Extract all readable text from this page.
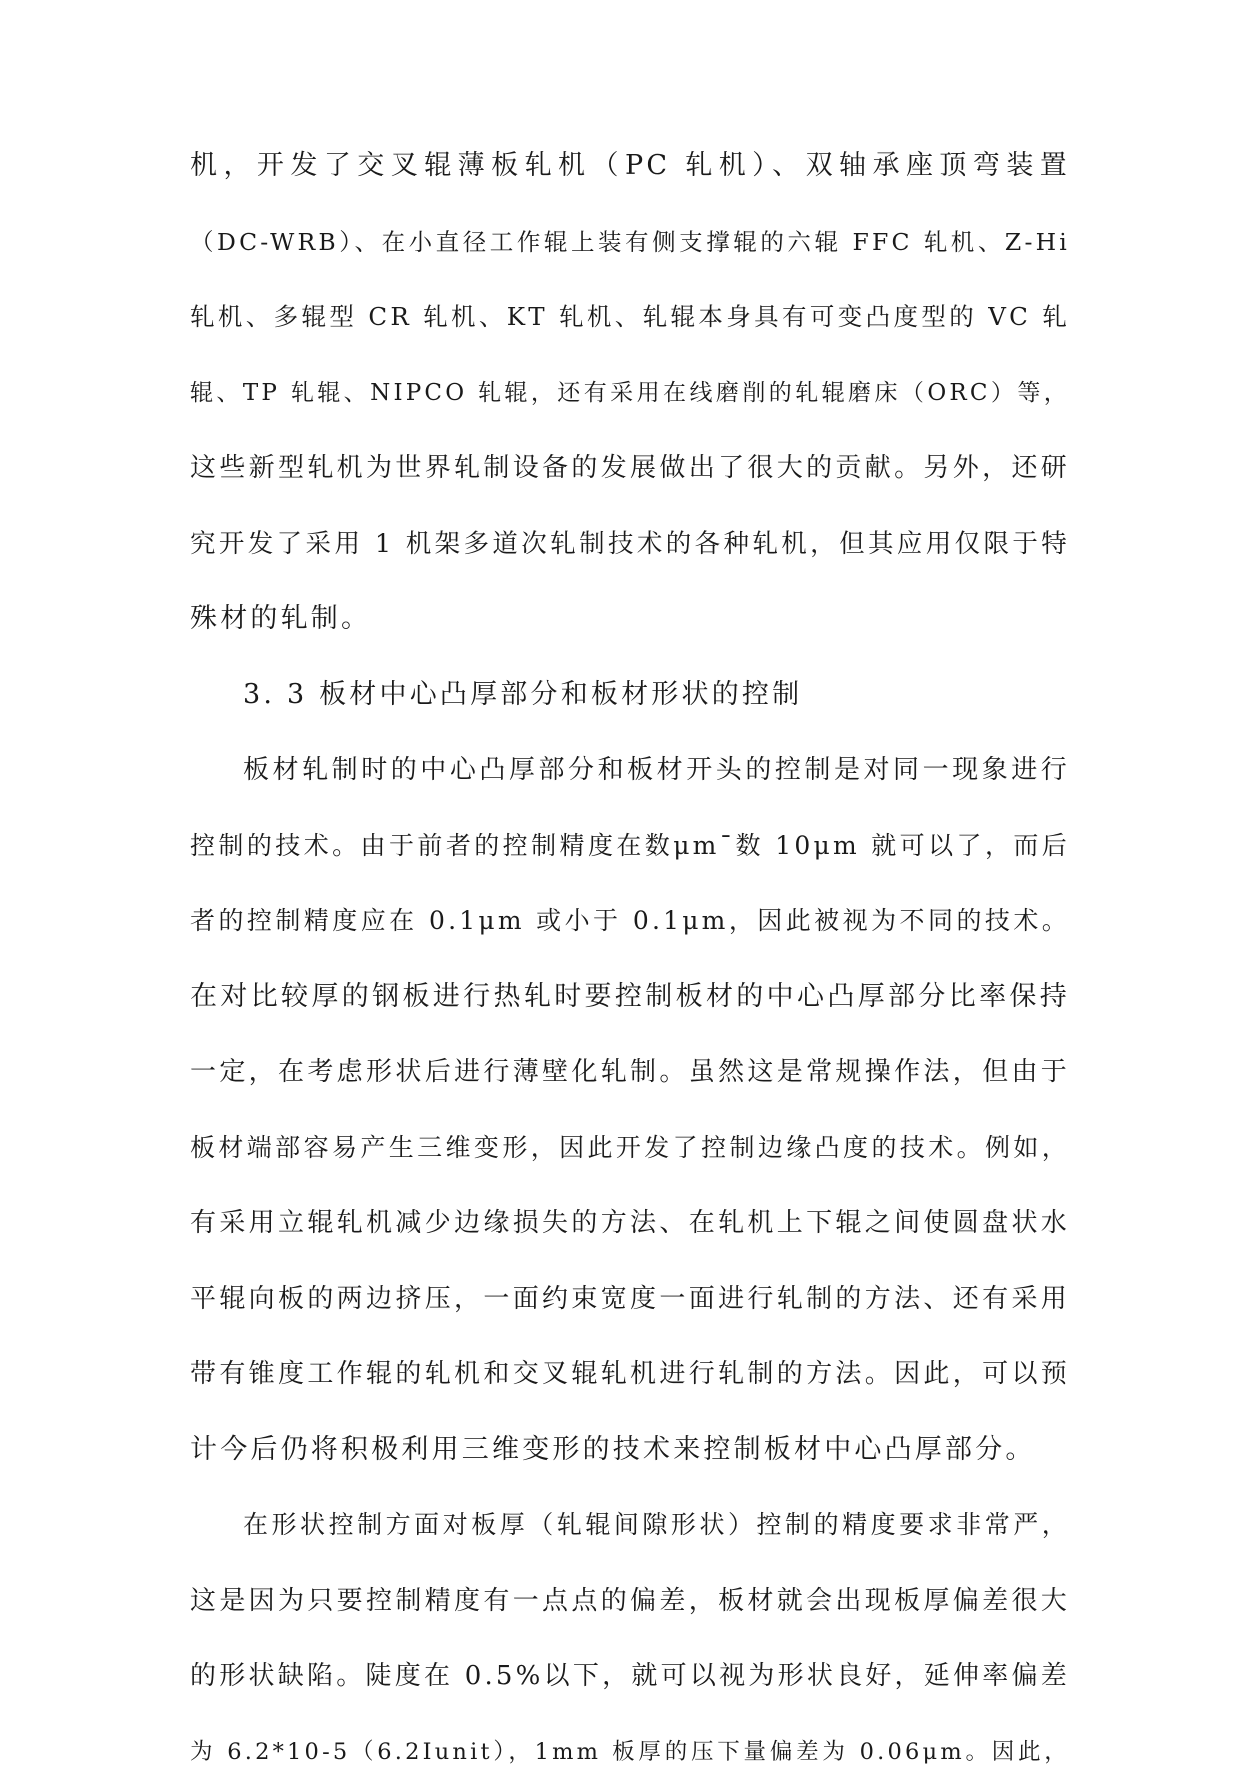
机，开发了交叉辊薄板轧机（PC 轧机）、双轴承座顶弯装置
（DC-WRB）、在小直径工作辊上装有侧支撑辊的六辊 FFC 轧机、Z-Hi
轧机、多辊型 CR 轧机、KT 轧机、轧辊本身具有可变凸度型的 VC 轧
辊、TP 轧辊、NIPCO 轧辊，还有采用在线磨削的轧辊磨床（ORC）等，
这些新型轧机为世界轧制设备的发展做出了很大的贡献。另外，还研
究开发了采用 1 机架多道次轧制技术的各种轧机，但其应用仅限于特
殊材的轧制。
3. 3 板材中心凸厚部分和板材形状的控制
板材轧制时的中心凸厚部分和板材开头的控制是对同一现象进行
控制的技术。由于前者的控制精度在数μm¯数 10μm 就可以了，而后
者的控制精度应在 0.1μm 或小于 0.1μm，因此被视为不同的技术。
在对比较厚的钢板进行热轧时要控制板材的中心凸厚部分比率保持
一定，在考虑形状后进行薄壁化轧制。虽然这是常规操作法，但由于
板材端部容易产生三维变形，因此开发了控制边缘凸度的技术。例如，
有采用立辊轧机减少边缘损失的方法、在轧机上下辊之间使圆盘状水
平辊向板的两边挤压，一面约束宽度一面进行轧制的方法、还有采用
带有锥度工作辊的轧机和交叉辊轧机进行轧制的方法。因此，可以预
计今后仍将积极利用三维变形的技术来控制板材中心凸厚部分。
在形状控制方面对板厚（轧辊间隙形状）控制的精度要求非常严，
这是因为只要控制精度有一点点的偏差，板材就会出现板厚偏差很大
的形状缺陷。陡度在 0.5%以下，就可以视为形状良好，延伸率偏差
为 6.2*10-5（6.2Iunit），1mm 板厚的压下量偏差为 0.06μm。因此，
